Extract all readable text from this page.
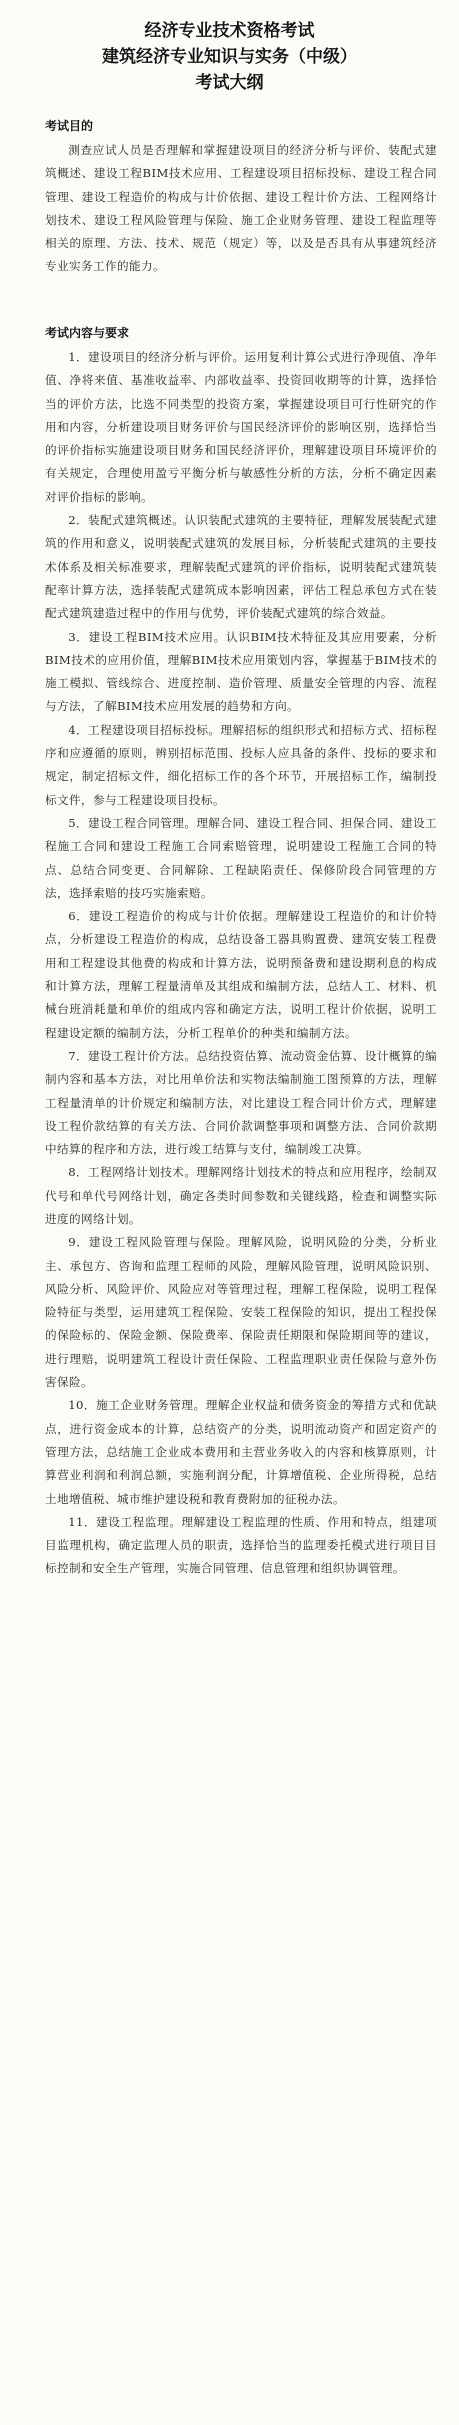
经济专业技术资格考试
建筑经济专业知识与实务（中级）
考试大纲
考试目的

测查应试人员是否理解和掌握建设项目的经济分析与评价、装配式建筑概述、建设工程BIM技术应用、工程建设项目招标投标、建设工程合同管理、建设工程造价的构成与计价依据、建设工程计价方法、工程网络计划技术、建设工程风险管理与保险、施工企业财务管理、建设工程监理等相关的原理、方法、技术、规范（规定）等，以及是否具有从事建筑经济专业实务工作的能力。

考试内容与要求

1．建设项目的经济分析与评价。运用复利计算公式进行净现值、净年值、净将来值、基准收益率、内部收益率、投资回收期等的计算，选择恰当的评价方法，比选不同类型的投资方案，掌握建设项目可行性研究的作用和内容，分析建设项目财务评价与国民经济评价的影响区别，选择恰当的评价指标实施建设项目财务和国民经济评价，理解建设项目环境评价的有关规定，合理使用盈亏平衡分析与敏感性分析的方法，分析不确定因素对评价指标的影响。

2．装配式建筑概述。认识装配式建筑的主要特征，理解发展装配式建筑的作用和意义，说明装配式建筑的发展目标，分析装配式建筑的主要技术体系及相关标准要求，理解装配式建筑的评价指标，说明装配式建筑装配率计算方法，选择装配式建筑成本影响因素，评估工程总承包方式在装配式建筑建造过程中的作用与优势，评价装配式建筑的综合效益。

3．建设工程BIM技术应用。认识BIM技术特征及其应用要素，分析BIM技术的应用价值，理解BIM技术应用策划内容，掌握基于BIM技术的施工模拟、管线综合、进度控制、造价管理、质量安全管理的内容、流程与方法，了解BIM技术应用发展的趋势和方向。

4．工程建设项目招标投标。理解招标的组织形式和招标方式、招标程序和应遵循的原则，辨别招标范围、投标人应具备的条件、投标的要求和规定，制定招标文件，细化招标工作的各个环节，开展招标工作，编制投标文件，参与工程建设项目投标。

5．建设工程合同管理。理解合同、建设工程合同、担保合同、建设工程施工合同和建设工程施工合同索赔管理，说明建设工程施工合同的特点、总结合同变更、合同解除、工程缺陷责任、保修阶段合同管理的方法，选择索赔的技巧实施索赔。

6．建设工程造价的构成与计价依据。理解建设工程造价的和计价特点，分析建设工程造价的构成，总结设备工器具购置费、建筑安装工程费用和工程建设其他费的构成和计算方法，说明预备费和建设期利息的构成和计算方法，理解工程量清单及其组成和编制方法，总结人工、材料、机械台班消耗量和单价的组成内容和确定方法，说明工程计价依据，说明工程建设定额的编制方法，分析工程单价的种类和编制方法。

7．建设工程计价方法。总结投资估算、流动资金估算、设计概算的编制内容和基本方法，对比用单价法和实物法编制施工图预算的方法，理解工程量清单的计价规定和编制方法，对比建设工程合同计价方式，理解建设工程价款结算的有关方法、合同价款调整事项和调整方法、合同价款期中结算的程序和方法，进行竣工结算与支付，编制竣工决算。

8．工程网络计划技术。理解网络计划技术的特点和应用程序，绘制双代号和单代号网络计划，确定各类时间参数和关键线路，检查和调整实际进度的网络计划。

9．建设工程风险管理与保险。理解风险，说明风险的分类，分析业主、承包方、咨询和监理工程师的风险，理解风险管理，说明风险识别、风险分析、风险评价、风险应对等管理过程，理解工程保险，说明工程保险特征与类型，运用建筑工程保险、安装工程保险的知识，提出工程投保的保险标的、保险金额、保险费率、保险责任期限和保险期间等的建议，进行理赔，说明建筑工程设计责任保险、工程监理职业责任保险与意外伤害保险。

10．施工企业财务管理。理解企业权益和债务资金的筹措方式和优缺点，进行资金成本的计算，总结资产的分类，说明流动资产和固定资产的管理方法，总结施工企业成本费用和主营业务收入的内容和核算原则，计算营业利润和利润总额，实施利润分配，计算增值税、企业所得税，总结土地增值税、城市维护建设税和教育费附加的征税办法。

11．建设工程监理。理解建设工程监理的性质、作用和特点，组建项目监理机构，确定监理人员的职责，选择恰当的监理委托模式进行项目目标控制和安全生产管理，实施合同管理、信息管理和组织协调管理。
